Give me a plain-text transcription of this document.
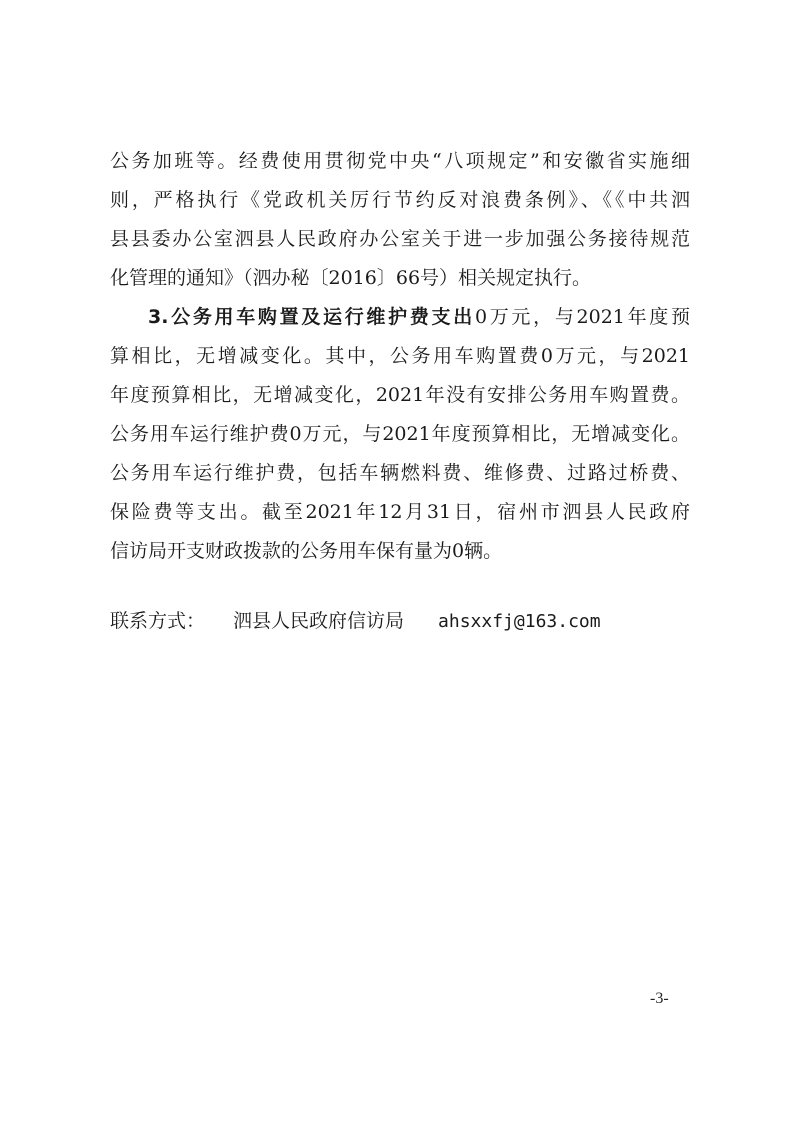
公务加班等。经费使用贯彻党中央“八项规定”和安徽省实施细
则，严格执行《党政机关厉行节约反对浪费条例》、《《中共泗
县县委办公室泗县人民政府办公室关于进一步加强公务接待规范
化管理的通知》（泗办秘〔2016〕66号）相关规定执行。
3.公务用车购置及运行维护费支出0万元，与2021年度预
算相比，无增减变化。其中，公务用车购置费0万元，与2021
年度预算相比，无增减变化，2021年没有安排公务用车购置费。
公务用车运行维护费0万元，与2021年度预算相比，无增减变化。
公务用车运行维护费，包括车辆燃料费、维修费、过路过桥费、
保险费等支出。截至2021年12月31日，宿州市泗县人民政府
信访局开支财政拨款的公务用车保有量为0辆。
联系方式： 泗县人民政府信访局 ahsxxfj@163.com
-3-
